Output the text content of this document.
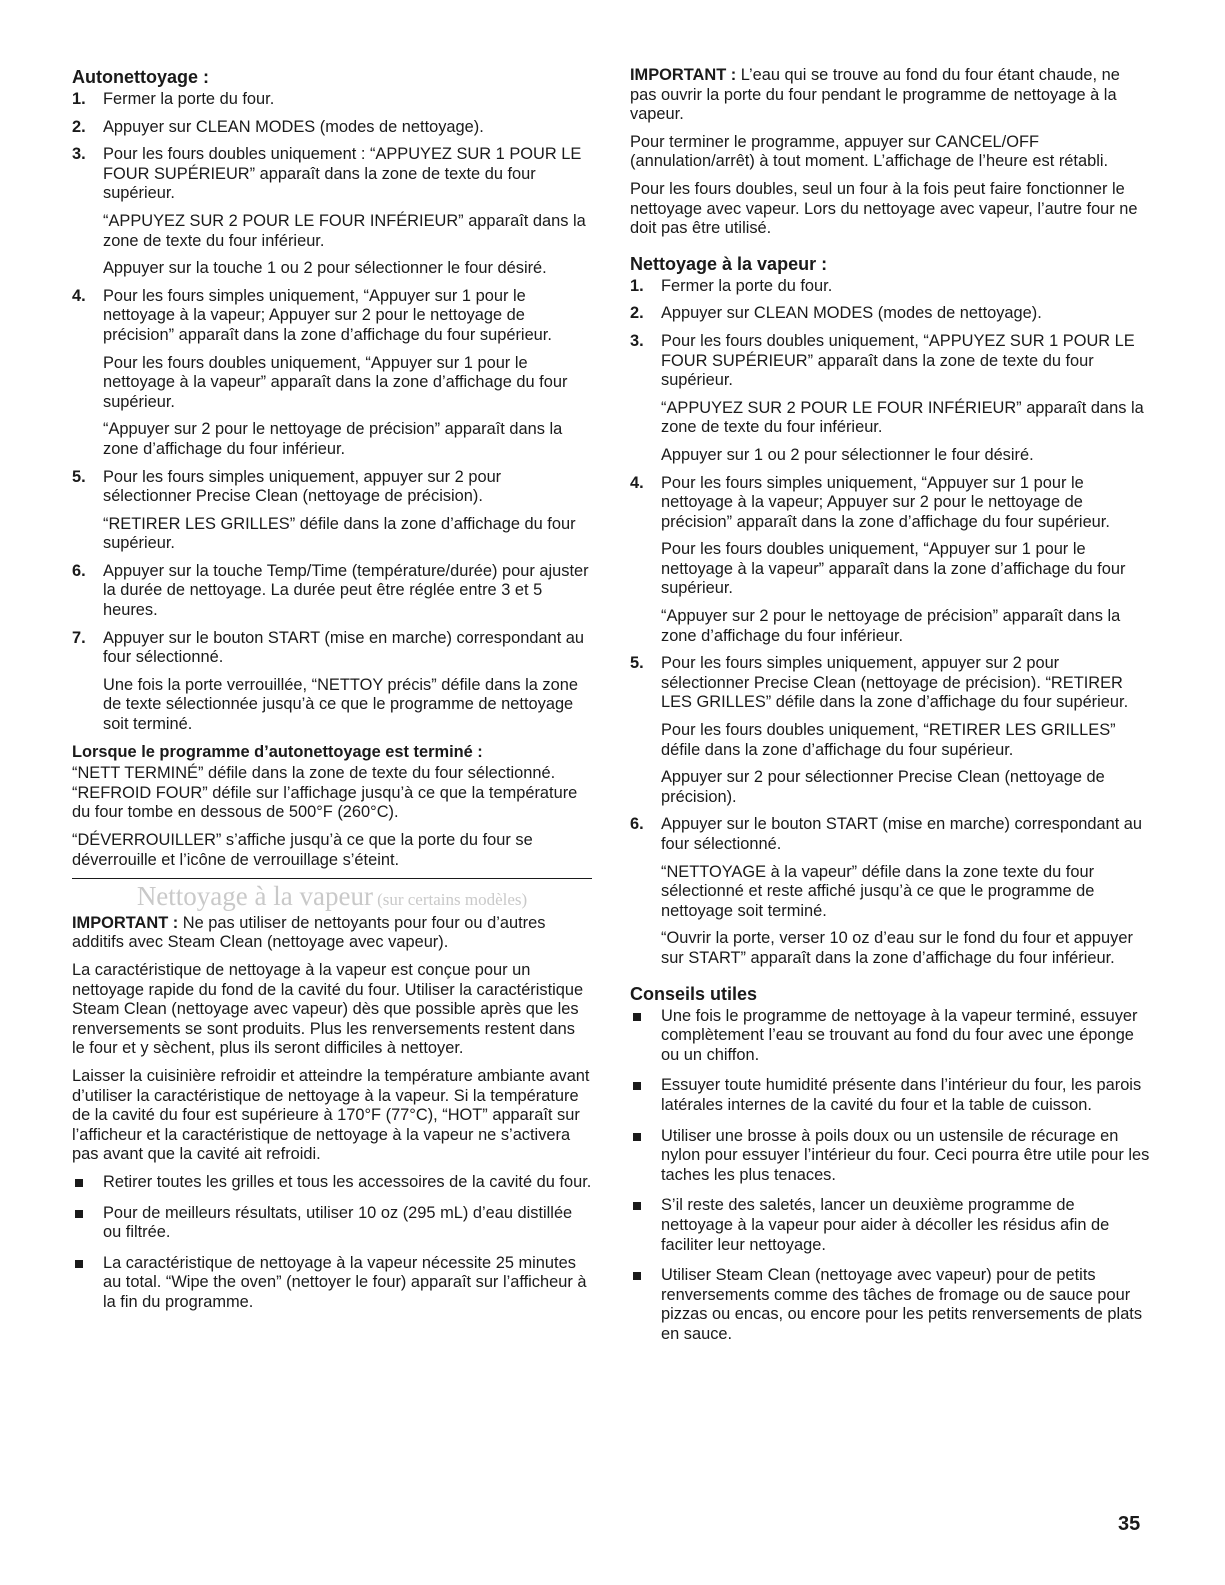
Autonettoyage :
1. Fermer la porte du four.

2. Appuyer sur CLEAN MODES (modes de nettoyage).

3. Pour les fours doubles uniquement : “APPUYEZ SUR 1 POUR LE FOUR SUPÉRIEUR” apparaît dans la zone de texte du four supérieur.

“APPUYEZ SUR 2 POUR LE FOUR INFÉRIEUR” apparaît dans la zone de texte du four inférieur.

Appuyer sur la touche 1 ou 2 pour sélectionner le four désiré.

4. Pour les fours simples uniquement, “Appuyer sur 1 pour le nettoyage à la vapeur; Appuyer sur 2 pour le nettoyage de précision” apparaît dans la zone d’affichage du four supérieur.

Pour les fours doubles uniquement, “Appuyer sur 1 pour le nettoyage à la vapeur” apparaît dans la zone d’affichage du four supérieur.

“Appuyer sur 2 pour le nettoyage de précision” apparaît dans la zone d’affichage du four inférieur.

5. Pour les fours simples uniquement, appuyer sur 2 pour sélectionner Precise Clean (nettoyage de précision).

“RETIRER LES GRILLES” défile dans la zone d’affichage du four supérieur.

6. Appuyer sur la touche Temp/Time (température/durée) pour ajuster la durée de nettoyage. La durée peut être réglée entre 3 et 5 heures.

7. Appuyer sur le bouton START (mise en marche) correspondant au four sélectionné.

Une fois la porte verrouillée, “NETTOY précis” défile dans la zone de texte sélectionnée jusqu’à ce que le programme de nettoyage soit terminé.

Lorsque le programme d’autonettoyage est terminé :

“NETT TERMINÉ” défile dans la zone de texte du four sélectionné. “REFROID FOUR” défile sur l’affichage jusqu’à ce que la température du four tombe en dessous de 500°F (260°C).

“DÉVERROUILLER” s’affiche jusqu’à ce que la porte du four se déverrouille et l’icône de verrouillage s’éteint.

Nettoyage à la vapeur (sur certains modèles)

IMPORTANT : Ne pas utiliser de nettoyants pour four ou d’autres additifs avec Steam Clean (nettoyage avec vapeur).

La caractéristique de nettoyage à la vapeur est conçue pour un nettoyage rapide du fond de la cavité du four. Utiliser la caractéristique Steam Clean (nettoyage avec vapeur) dès que possible après que les renversements se sont produits. Plus les renversements restent dans le four et y sèchent, plus ils seront difficiles à nettoyer.

Laisser la cuisinière refroidir et atteindre la température ambiante avant d’utiliser la caractéristique de nettoyage à la vapeur. Si la température de la cavité du four est supérieure à 170°F (77°C), “HOT” apparaît sur l’afficheur et la caractéristique de nettoyage à la vapeur ne s’activera pas avant que la cavité ait refroidi.

Retirer toutes les grilles et tous les accessoires de la cavité du four.
Pour de meilleurs résultats, utiliser 10 oz (295 mL) d’eau distillée ou filtrée.
La caractéristique de nettoyage à la vapeur nécessite 25 minutes au total. “Wipe the oven” (nettoyer le four) apparaît sur l’afficheur à la fin du programme.

IMPORTANT : L’eau qui se trouve au fond du four étant chaude, ne pas ouvrir la porte du four pendant le programme de nettoyage à la vapeur.

Pour terminer le programme, appuyer sur CANCEL/OFF (annulation/arrêt) à tout moment. L’affichage de l’heure est rétabli.

Pour les fours doubles, seul un four à la fois peut faire fonctionner le nettoyage avec vapeur. Lors du nettoyage avec vapeur, l’autre four ne doit pas être utilisé.

Nettoyage à la vapeur :
1. Fermer la porte du four.

2. Appuyer sur CLEAN MODES (modes de nettoyage).

3. Pour les fours doubles uniquement, “APPUYEZ SUR 1 POUR LE FOUR SUPÉRIEUR” apparaît dans la zone de texte du four supérieur.

“APPUYEZ SUR 2 POUR LE FOUR INFÉRIEUR” apparaît dans la zone de texte du four inférieur.

Appuyer sur 1 ou 2 pour sélectionner le four désiré.

4. Pour les fours simples uniquement, “Appuyer sur 1 pour le nettoyage à la vapeur; Appuyer sur 2 pour le nettoyage de précision” apparaît dans la zone d’affichage du four supérieur.

Pour les fours doubles uniquement, “Appuyer sur 1 pour le nettoyage à la vapeur” apparaît dans la zone d’affichage du four supérieur.

“Appuyer sur 2 pour le nettoyage de précision” apparaît dans la zone d’affichage du four inférieur.

5. Pour les fours simples uniquement, appuyer sur 2 pour sélectionner Precise Clean (nettoyage de précision). “RETIRER LES GRILLES” défile dans la zone d’affichage du four supérieur.

Pour les fours doubles uniquement, “RETIRER LES GRILLES” défile dans la zone d’affichage du four supérieur.

Appuyer sur 2 pour sélectionner Precise Clean (nettoyage de précision).

6. Appuyer sur le bouton START (mise en marche) correspondant au four sélectionné.

“NETTOYAGE à la vapeur” défile dans la zone texte du four sélectionné et reste affiché jusqu’à ce que le programme de nettoyage soit terminé.

“Ouvrir la porte, verser 10 oz d’eau sur le fond du four et appuyer sur START” apparaît dans la zone d’affichage du four inférieur.

Conseils utiles
Une fois le programme de nettoyage à la vapeur terminé, essuyer complètement l’eau se trouvant au fond du four avec une éponge ou un chiffon.
Essuyer toute humidité présente dans l’intérieur du four, les parois latérales internes de la cavité du four et la table de cuisson.
Utiliser une brosse à poils doux ou un ustensile de récurage en nylon pour essuyer l’intérieur du four. Ceci pourra être utile pour les taches les plus tenaces.
S’il reste des saletés, lancer un deuxième programme de nettoyage à la vapeur pour aider à décoller les résidus afin de faciliter leur nettoyage.
Utiliser Steam Clean (nettoyage avec vapeur) pour de petits renversements comme des tâches de fromage ou de sauce pour pizzas ou encas, ou encore pour les petits renversements de plats en sauce.
35
